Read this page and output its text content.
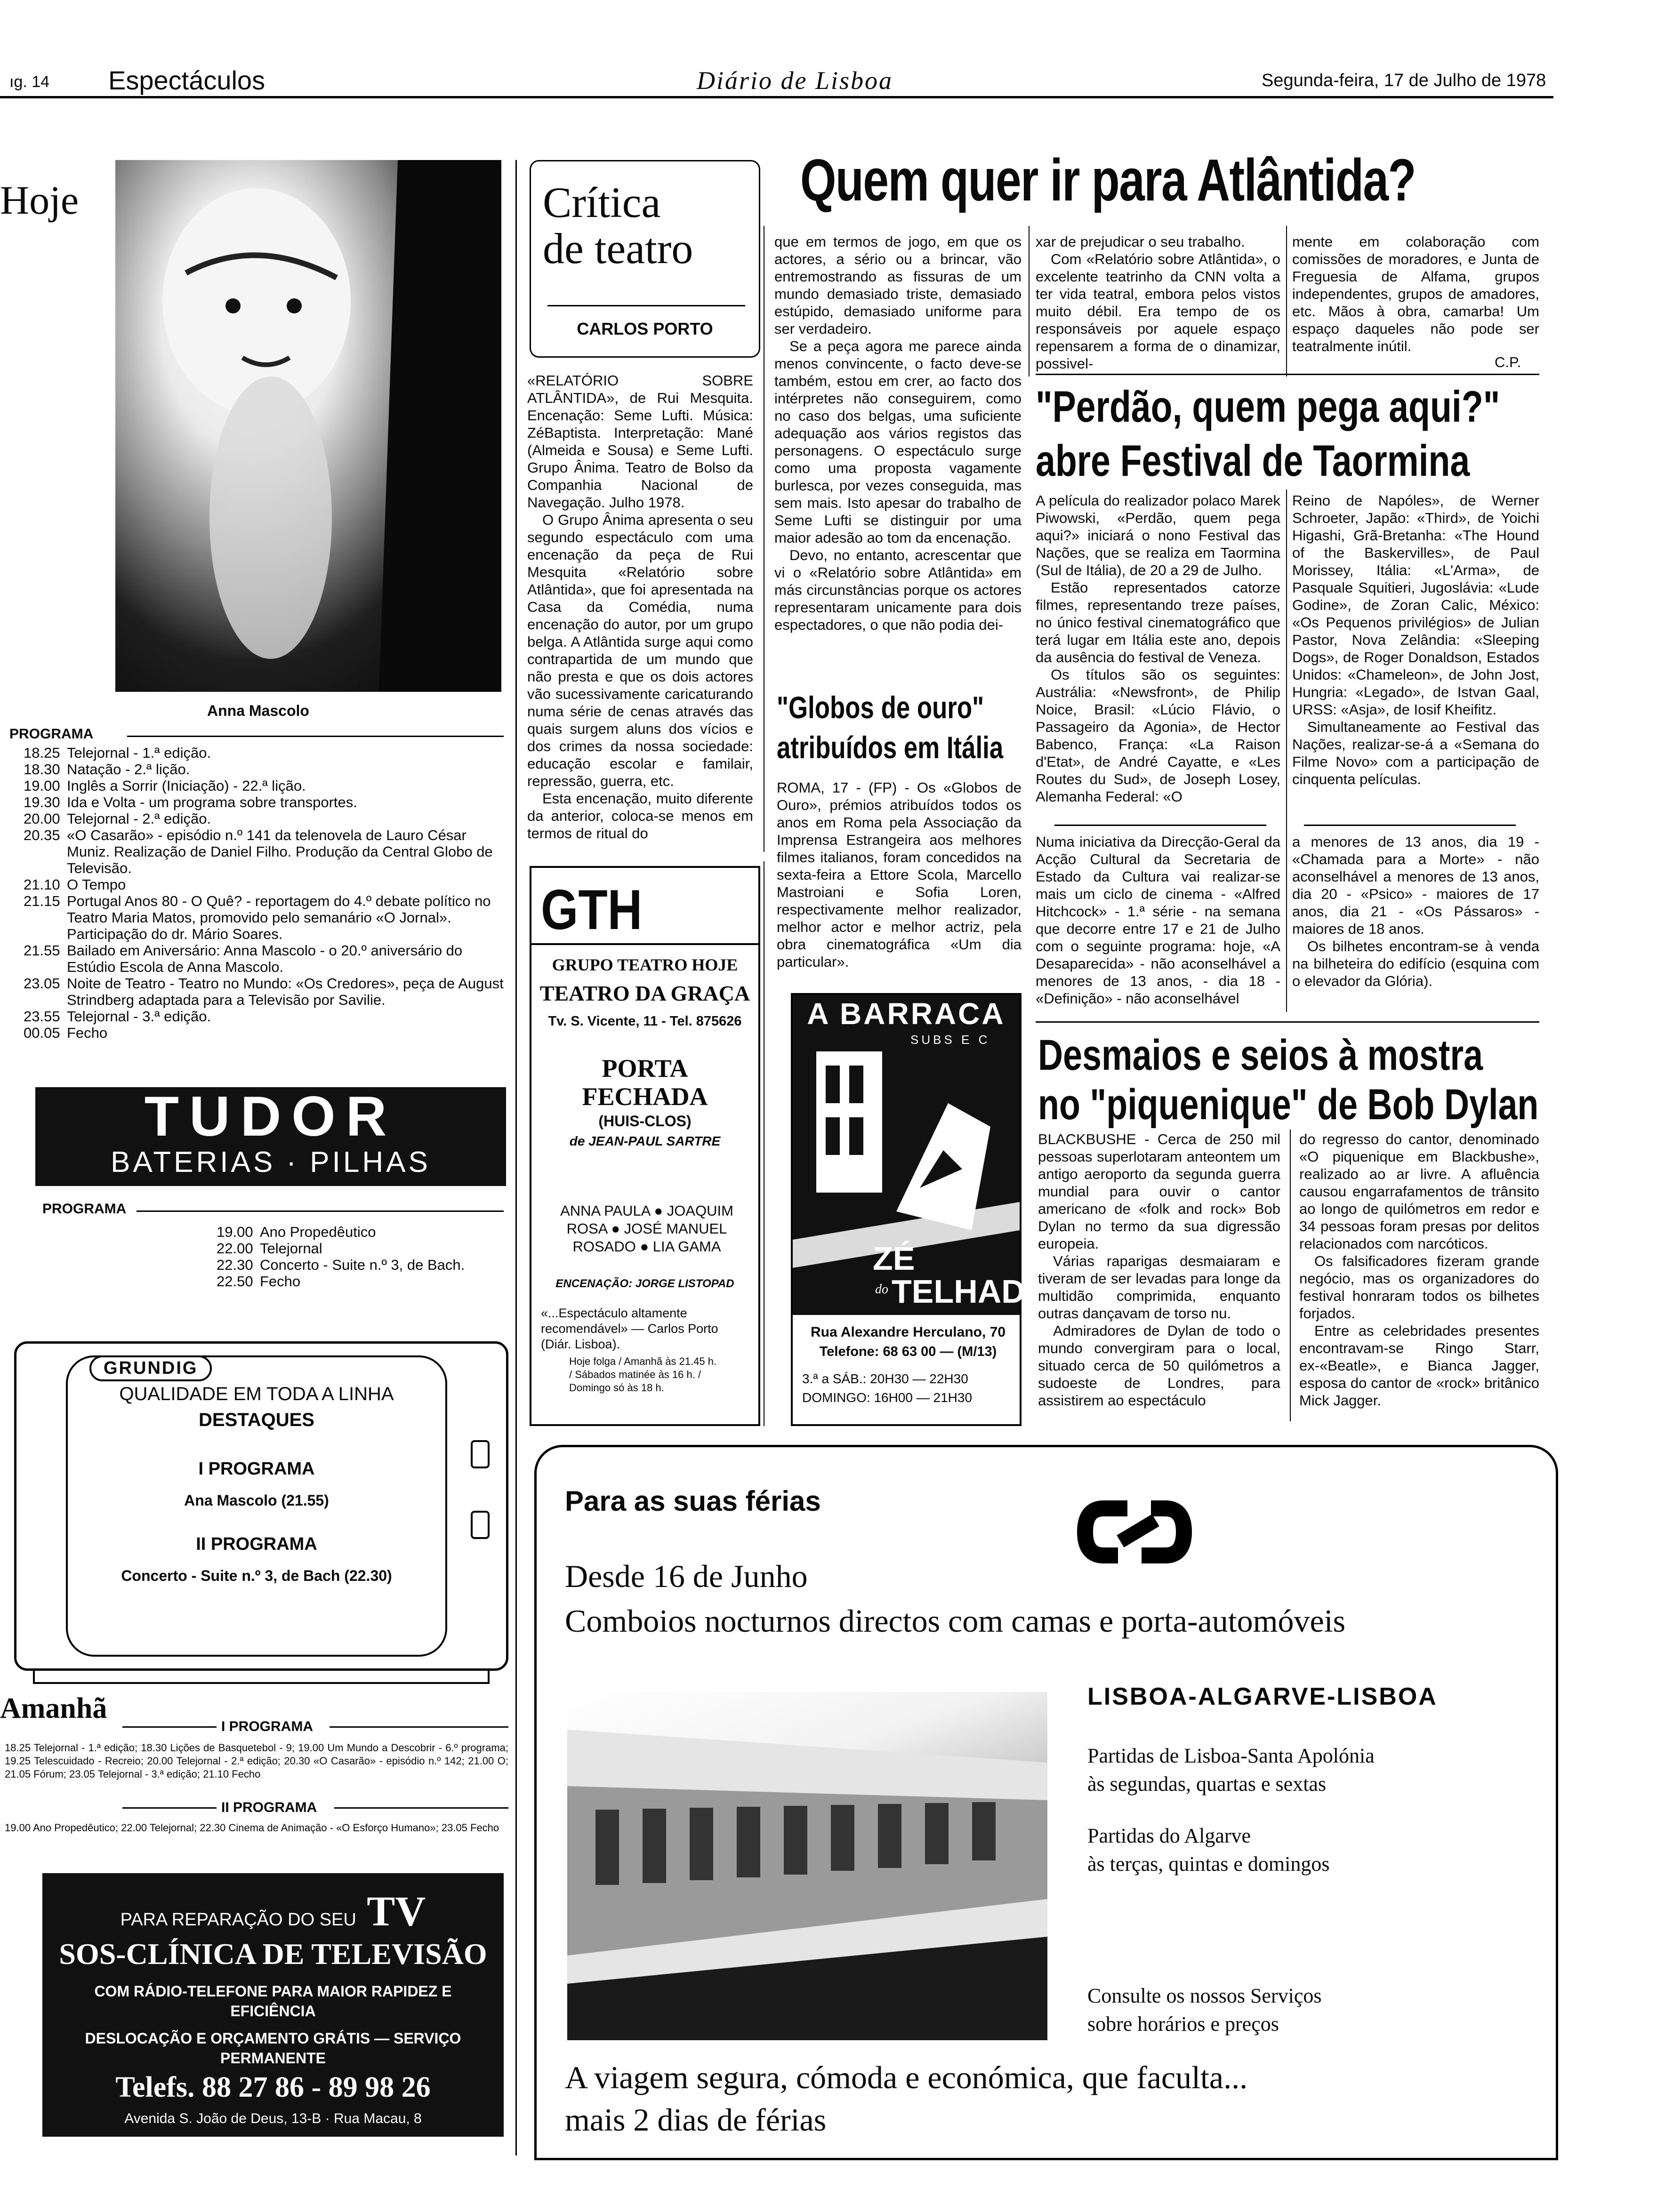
ıg. 14 Espectáculos	Diário de Lisboa	Segunda-feira, 17 de Julho de 1978
Hoje
Anna Mascolo
PROGRAMA
18.25 Telejornal - 1.ª edição.
18.30 Natação - 2.ª lição.
19.00 Inglês a Sorrir (Iniciação) - 22.ª lição.
19.30 Ida e Volta - um programa sobre transportes.
20.00 Telejornal - 2.ª edição.
20.35 «O Casarão» - episódio n.º 141 da telenovela de Lauro César Muniz. Realização de Daniel Filho. Produção da Central Globo de Televisão.
21.10 O Tempo
21.15 Portugal Anos 80 - O Quê? - reportagem do 4.º debate político no Teatro Maria Matos, promovido pelo semanário «O Jornal». Participação do dr. Mário Soares.
21.55 Bailado em Aniversário: Anna Mascolo - o 20.º aniversário do Estúdio Escola de Anna Mascolo.
23.05 Noite de Teatro - Teatro no Mundo: «Os Credores», peça de August Strindberg adaptada para a Televisão por Savilie.
23.55 Telejornal - 3.ª edição.
00.05 Fecho
TUDOR
BATERIAS · PILHAS
PROGRAMA
19.00 Ano Propedêutico
22.00 Telejornal
22.30 Concerto - Suite n.º 3, de Bach.
22.50 Fecho
GRUNDIG
QUALIDADE EM TODA A LINHA
DESTAQUES
I PROGRAMA
Ana Mascolo (21.55)
II PROGRAMA
Concerto - Suite n.º 3, de Bach (22.30)
Amanhã
I PROGRAMA
18.25 Telejornal - 1.ª edição; 18.30 Lições de Basquetebol - 9; 19.00 Um Mundo a Descobrir - 6.º programa; 19.25 Telescuidado - Recreio; 20.00 Telejornal - 2.ª edição; 20.30 «O Casarão» - episódio n.º 142; 21.00 O; 21.05 Fórum; 23.05 Telejornal - 3.ª edição; 21.10 Fecho
II PROGRAMA
19.00 Ano Propedêutico; 22.00 Telejornal; 22.30 Cinema de Animação - «O Esforço Humano»; 23.05 Fecho
PARA REPARAÇÃO DO SEU TV
SOS-CLÍNICA DE TELEVISÃO
COM RÁDIO-TELEFONE PARA MAIOR RAPIDEZ E EFICIÊNCIA
DESLOCAÇÃO E ORÇAMENTO GRÁTIS — SERVIÇO PERMANENTE
Telefs. 88 27 86 - 89 98 26
Avenida S. João de Deus, 13-B · Rua Macau, 8
Crítica
de teatro
CARLOS PORTO

«RELATÓRIO SOBRE ATLÂNTIDA», de Rui Mesquita. Encenação: Seme Lufti. Música: ZéBaptista. Interpretação: Mané (Almeida e Sousa) e Seme Lufti. Grupo Ânima. Teatro de Bolso da Companhia Nacional de Navegação. Julho 1978.

O Grupo Ânima apresenta o seu segundo espectáculo com uma encenação da peça de Rui Mesquita «Relatório sobre Atlântida», que foi apresentada na Casa da Comédia, numa encenação do autor, por um grupo belga. A Atlântida surge aqui como contrapartida de um mundo que não presta e que os dois actores vão sucessivamente caricaturando numa série de cenas através das quais surgem aluns dos vícios e dos crimes da nossa sociedade: educação escolar e familair, repressão, guerra, etc.

Esta encenação, muito diferente da anterior, coloca-se menos em termos de ritual do

Quem quer ir para Atlântida?

que em termos de jogo, em que os actores, a sério ou a brincar, vão entremostrando as fissuras de um mundo demasiado triste, demasiado estúpido, demasiado uniforme para ser verdadeiro.

Se a peça agora me parece ainda menos convincente, o facto deve-se também, estou em crer, ao facto dos intérpretes não conseguirem, como no caso dos belgas, uma suficiente adequação aos vários registos das personagens. O espectáculo surge como uma proposta vagamente burlesca, por vezes conseguida, mas sem mais. Isto apesar do trabalho de Seme Lufti se distinguir por uma maior adesão ao tom da encenação.

Devo, no entanto, acrescentar que vi o «Relatório sobre Atlântida» em más circunstâncias porque os actores representaram unicamente para dois espectadores, o que não podia dei-

xar de prejudicar o seu trabalho.

Com «Relatório sobre Atlântida», o excelente teatrinho da CNN volta a ter vida teatral, embora pelos vistos muito débil. Era tempo de os responsáveis por aquele espaço repensarem a forma de o dinamizar, possivel-

mente em colaboração com comissões de moradores, e Junta de Freguesia de Alfama, grupos independentes, grupos de amadores, etc. Mãos à obra, camarba! Um espaço daqueles não pode ser teatralmente inútil.

C.P.
GTH
GRUPO TEATRO HOJE
TEATRO DA GRAÇA
Tv. S. Vicente, 11 - Tel. 875626
PORTA
FECHADA
(HUIS-CLOS)
de JEAN-PAUL SARTRE
ANNA PAULA ● JOAQUIM ROSA ● JOSÉ MANUEL ROSADO ● LIA GAMA
ENCENAÇÃO: JORGE LISTOPAD
«...Espectáculo altamente recomendável» — Carlos Porto (Diár. Lisboa).
Hoje folga / Amanhã às 21.45 h. / Sábados matinée às 16 h. / Domingo só às 18 h.
"Globos de ouro"
atribuídos em Itália
ROMA, 17 - (FP) - Os «Globos de Ouro», prémios atribuídos todos os anos em Roma pela Associação da Imprensa Estrangeira aos melhores filmes italianos, foram concedidos na sexta-feira a Ettore Scola, Marcello Mastroiani e Sofia Loren, respectivamente melhor realizador, melhor actor e melhor actriz, pela obra cinematográfica «Um dia particular».
A BARRACA
SUBS E C
ZÉ
do TELHADO
Rua Alexandre Herculano, 70
Telefone: 68 63 00 — (M/13)
3.ª a SÁB.: 20H30 — 22H30
DOMINGO: 16H00 — 21H30
"Perdão, quem pega aqui?"
abre Festival de Taormina

A película do realizador polaco Marek Piwowski, «Perdão, quem pega aqui?» iniciará o nono Festival das Nações, que se realiza em Taormina (Sul de Itália), de 20 a 29 de Julho.

Estão representados catorze filmes, representando treze países, no único festival cinematográfico que terá lugar em Itália este ano, depois da ausência do festival de Veneza.

Os títulos são os seguintes: Austrália: «Newsfront», de Philip Noice, Brasil: «Lúcio Flávio, o Passageiro da Agonia», de Hector Babenco, França: «La Raison d'Etat», de André Cayatte, e «Les Routes du Sud», de Joseph Losey, Alemanha Federal: «O

Reino de Napóles», de Werner Schroeter, Japão: «Third», de Yoichi Higashi, Grã-Bretanha: «The Hound of the Baskervilles», de Paul Morissey, Itália: «L'Arma», de Pasquale Squitieri, Jugoslávia: «Lude Godine», de Zoran Calic, México: «Os Pequenos privilégios» de Julian Pastor, Nova Zelândia: «Sleeping Dogs», de Roger Donaldson, Estados Unidos: «Chameleon», de John Jost, Hungria: «Legado», de Istvan Gaal, URSS: «Asja», de Iosif Kheifitz.

Simultaneamente ao Festival das Nações, realizar-se-á a «Semana do Filme Novo» com a participação de cinquenta películas.

Numa iniciativa da Direcção-Geral da Acção Cultural da Secretaria de Estado da Cultura vai realizar-se mais um ciclo de cinema - «Alfred Hitchcock» - 1.ª série - na semana que decorre entre 17 e 21 de Julho com o seguinte programa: hoje, «A Desaparecida» - não aconselhável a menores de 13 anos, - dia 18 - «Definição» - não aconselhável

a menores de 13 anos, dia 19 - «Chamada para a Morte» - não aconselhável a menores de 13 anos, dia 20 - «Psico» - maiores de 17 anos, dia 21 - «Os Pássaros» - maiores de 18 anos.

Os bilhetes encontram-se à venda na bilheteira do edifício (esquina com o elevador da Glória).

Desmaios e seios à mostra
no "piquenique" de Bob Dylan

BLACKBUSHE - Cerca de 250 mil pessoas superlotaram anteontem um antigo aeroporto da segunda guerra mundial para ouvir o cantor americano de «folk and rock» Bob Dylan no termo da sua digressão europeia.

Várias raparigas desmaiaram e tiveram de ser levadas para longe da multidão comprimida, enquanto outras dançavam de torso nu.

Admiradores de Dylan de todo o mundo convergiram para o local, situado cerca de 50 quilómetros a sudoeste de Londres, para assistirem ao espectáculo

do regresso do cantor, denominado «O piquenique em Blackbushe», realizado ao ar livre. A afluência causou engarrafamentos de trânsito ao longo de quilómetros em redor e 34 pessoas foram presas por delitos relacionados com narcóticos.

Os falsificadores fizeram grande negócio, mas os organizadores do festival honraram todos os bilhetes forjados.

Entre as celebridades presentes encontravam-se Ringo Starr, ex-«Beatle», e Bianca Jagger, esposa do cantor de «rock» britânico Mick Jagger.

Para as suas férias
Desde 16 de Junho
Comboios nocturnos directos com camas e porta-automóveis
LISBOA-ALGARVE-LISBOA
Partidas de Lisboa-Santa Apolónia
às segundas, quartas e sextas
Partidas do Algarve
às terças, quintas e domingos
Consulte os nossos Serviços
sobre horários e preços
A viagem segura, cómoda e económica, que faculta...
mais 2 dias de férias
